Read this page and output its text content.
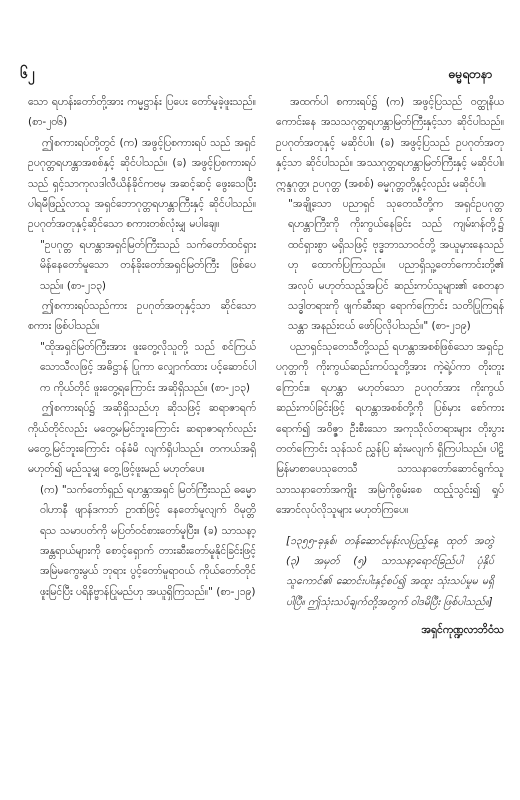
၆၂	ဓမ္မရတနာ

သော ရဟန်းတော်တို့အား ကမ္မဋ္ဌာန်း ပြပေး တော်မူခဲ့ဖူးသည်။ (စာ-၂၀၆)

ဤစကားရပ်တို့တွင် (က) အဖွင့်ပြစကားရပ် သည် အရှင်ဥပဂုတ္တရဟန္တာအစစ်နှင့် ဆိုင်ပါသည်။ (ခ) အဖွင့်ပြစကားရပ်သည် ရှင့်သာကုလဒါလီယိန်ခိုင်ကဗမှ အဆင့်ဆင့် ဖွေးသေပြီး ပါရမီဖြည့်လာသူ အရှင်ဘောဂုတ္တရဟန္တာကြီးနှင့် ဆိုင်ပါသည်။ ဥပဂုတ်အတုနှင့်ဆိုင်သော စကားတစ်လုံးမျှ မပါချေ။

"ဥပဂုတ္တ ရဟန္တာအရှင်မြတ်ကြီးသည် သက်တော်ထင်ရှား မိန်နေတော်မူသော တန်ခိုးတော်အရှင်မြတ်ကြီး ဖြစ်ပေသည်။ (စာ-၂၁၃)

ဤစကားရပ်သည်ကား ဥပဂုတ်အတုနှင့်သာ ဆိုင်သောစကား ဖြစ်ပါသည်။

"ထိုအရှင်မြတ်ကြီးအား ဖူးတွေ့လိုသူတို့ သည် စင်ကြယ်သောသီလဖြင့် အဓိဋ္ဌာန် ပြုကာ လျှောက်ထား ပင့်ဆောင်ပါက ကိုယ်တိုင် ဖူးတွေ့ရကြောင်း အဆိုရှိသည်။ (စာ-၂၁၃)

ဤစကားရပ်၌ အဆိုရှိသည်ဟု ဆိုသဖြင့် ဆရာဇာရက်ကိုယ်တိုင်လည်း မတွေ့မမြင်ဘူးကြောင်း ဆရာဇာရက်လည်း မတွေ့မြင်ဘူးကြောင်း ဝန်ခံမိ လျက်ရှိပါသည်။ တကယ်အရှိမဟုတ်၍ မည်သူမျှ တွေ့ဖြင့်ဖူးမည် မဟုတ်ပေ။

(က) "သက်တော်ရှည် ရဟန္တာအရှင် မြတ်ကြီးသည် ဓမ္မောဝါဟာနီ ဖျာန်ဒကဘ် ဥာဏ်ဖြင့် နေတော်မူလျက် ဝိမုတ္တိ ရသ သမာပတ်ကို မပြတ်ဝင်စားတော်မူပြီး။ (ခ) သာသနာ့အန္တရာယ်များကို စောင့်ရှောက် တားဆီးတော်မူနိုင်ခြင်းဖြင့် အမြဲမကွေးမွယ် ဘုရား ပွင့်တော်မူရာဝယ် ကိုယ်တော်တိုင် ဖူးမြင်ပြီး ပရိနိဗ္ဗာန်ပြုမည်ဟု အယူရှိကြသည်။" (စာ-၂၁၉)

အထက်ပါ စကားရပ်၌ (က) အဖွင့်ပြသည် ဝတ္ထုနိယကောင်းနေ အသသဂုတ္တရဟန္တာမြတ်ကြီးနှင့်သာ ဆိုင်ပါသည်။ ဥပဂုတ်အတုနှင့် မဆိုင်ပါ။ (ခ) အဖွင့်ပြသည် ဥပဂုတ်အတုနှင့်သာ ဆိုင်ပါသည်။ အဿဂုတ္တရဟန္တာမြတ်ကြီးနှင့် မဆိုင်ပါ။ ဣန္ဒဂုတ္တ၊ ဥပဂုတ္တ (အစစ်) ဓမ္မဂုတ္တတို့နှင့်လည်း မဆိုင်ပါ။

"အချို့သော ပညာရှင် သုတေသီတို့က အရှင်ဥပဂုတ္တရဟန္တာကြီးကို ကိုးကွယ်နေခြင်း သည် ကျမ်းဂန်တို့၌ ထင်ရှားစွာ မရှိသဖြင့် ဗုဒ္ဓဘာသာဝင်တို့ အယူမှားနေသည်ဟု ထောက်ပြကြသည်။ ပညာရှိသူ့တော်ကောင်းတို့၏ အလုပ် မဟုတ်သည့်အပြင် ဆည်းကပ်သူများ၏ စေတနာ သဒ္ဓါတရားကို ဖျက်ဆီးရာ ရောက်ကြောင်း သတိပြုကြရန် သန္တာ အနည်းငယ် ဖော်ပြလိုပါသည်။" (စာ-၂၁၉)

ပညာရှင်သုတေသီတို့သည် ရဟန္တာအစစ်ဖြစ်သော အရှင်ဥပဂုတ္တကို ကိုးကွယ်ဆည်းကပ်သူတို့အား ကဲ့ရဲ့ပ်ကာ တိုးတူးကြောင်း။ ရဟန္တာ မဟုတ်သော ဥပဂုတ်အား ကိုးကွယ်ဆည်းကပ်ခြင်းဖြင့် ရဟန္တာအစစ်တို့ကို ပြစ်မှား စော်ကားရောက်၍ အဝိဇ္ဇာ ဦးစီးသော အကုသိုလ်တရားများ တိုးပွားတတ်ကြောင်း သုန်သင် ညွှန်ပြ ဆုံးမလျက် ရှိကြပါသည်။ ပါဠိမြန်မာစာပေသုတေသီ သာသနာတော်ဆောင်ရွက်သူ သာသနာတော်အကျိုး အမြဲကိုစွမ်းစေ ထည့်သွင်း၍ ရှုပ်အောင်လုပ်လိုသူများ မဟုတ်ကြပေ။

[၁၃၅၅-ခုနှစ်၊ တန်ဆောင်မုန်းလပြည့်နေ့ ထုတ် အတွဲ (၃) အမှတ် (၅) သာသနာ့ရောင်ခြည်ပါ ပုံနှိပ်သူကောင်၏ ဆောင်းပါးနှင့်စပ်၍ အထူး သုံးသပ်မှုမ မရှိပါပြီ။ ဤသုံးသပ်ချက်တို့အတွက် ဝါဒမိပြီး ဖြစ်ပါသည်။]

အရှင်ကုဏ္ဍလာဘိဝံသ
